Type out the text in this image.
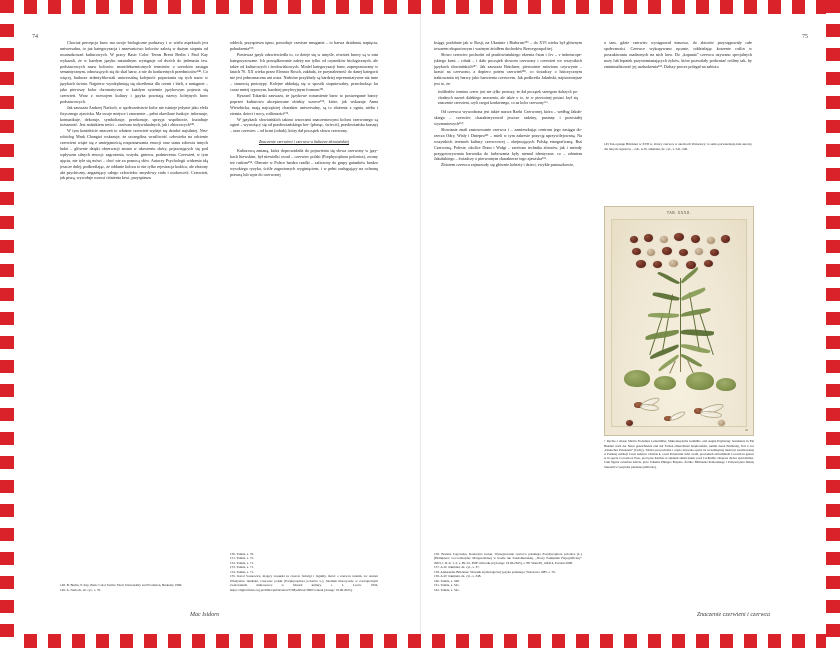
74	75

Chociaż percepcja barw ma swoje biologiczne podstawy i w wielu aspektach jest uniwersalna, to już kategoryzacja i nazewnictwo kolorów zależą w dużym stopniu od uwarunkowań kulturowych. W pracy Basic Color Terms Brent Berlin i Paul Kay wykazali, że w każdym języku naturalnym występuje od dwóch do jedenastu tzw. podstawowych nazw kolorów: monoleksemicznych terminów o szerokim zasięgu semantycznym, odnoszących się do skal barw, a nie do konkretnych przedmiotów¹⁴⁸. Co więcej, badacze zidentyfikowali uniwersalną kolejność pojawiania się tych nazw w językach świata. Najpierw wyodrębniają się określenia dla czerni i bieli, a następnie – jako pierwszy kolor chromatyczny w każdym systemie językowym pojawia się czerwień. Wraz z rozwojem kultury i języka powstają nazwy kolejnych barw podstawowych.

Jak zauważa Andrzej Narloch, w społeczeństwie kolor nie istnieje jedynie jako efekt fizycznego zjawiska. Ma swoje miejsce i znaczenie – pełni określone funkcje: informuje, komunikuje, dekoruje, symbolizuje, przekonuje, sprzyja wspólnocie, kształtuje tożsamość. Jest nośnikiem treści – zarówno indywidualnych, jak i zbiorowych¹⁴⁹.

W tym kontekście znaczeń to właśnie czerwień wydaje się działać najsilniej. Neurobiolog Mark Changizi wskazuje, że szczególna wrażliwość człowieka na odcienie czerwieni wiąże się z umiejętnością rozpoznawania emocji oraz stanu zdrowia innych ludzi – głównie dzięki obserwacji zmian w ukrwieniu skóry, pojawiających się pod wpływem silnych emocji: zagrożenia, wstydu, gniewu, podniecenia. Czerwień, w tym ujęciu, nie tyle się mówi – choć nie za pomocą słów. Autorzy Psychologii widzenia idą jeszcze dalej, podkreślając, że oddanie koloru to nie tylko rejestracja bodźca, ale złożony akt psychiczny, angażujący całego człowieka: zmysłowy ciało i osobowość. Czerwień, jak piszą, wywołuje wzrost ciśnienia krwi, przyspiesza

148. B. Berlin, P. Kay, Basic Color Terms: Their Universality and Evolution, Berkeley 1969.

149. A. Narloch, dz. cyt., s. 70.

oddech, przyspiesza tętno, powoduje czestsze mruganie – to barwa działania, napięcia, pobudzenia¹⁵⁰.

Ponieważ język odzwierciedla to, co dzieje się w umyśle, również barwy są w nim kategoryzowane. Ich porządkowanie zależy nie tylko od czynników biologicznych, ale także od kulturowych i środowiskowych. Model kategoryzacji barw, zaproponowany w latach 70. XX wieku przez Eleanor Rosch, zakłada, że przynależność do danej kategorii nie jest jednoznaczna ani ostra. Niektóre przykłady są bardziej reprezentatywne niż inne – stanowią prototypy. Kolejne układają się w sposób stopniowalny, przechodząc ku coraz mniej typowym, bardziej peryferyjnym formom¹⁵¹.

Ryszard Tokarski zauważa, że językowe rozumienie barw to postrzeganie barwy poprzez kulturowo akceptowane obiekty wzorce¹⁵², które, jak wskazuje Anna Wierzbicka, mają najczęściej charakter uniwersalny, są to złożenia z ognia, nieba i ziemia, dzieci i nocy, roślinności¹⁵³.

W językach słowiańskich takimi wzorcami znaczeniowymi koloru czerwonego są ogień – wywożący się od prasłowiańskiego ker- (płonąc, świecić), prasłowiańska krasnyj – oraz czerwiec – od krmi (robak), który dał początek słowu czerwony.

Znaczenie czerwieni i czerwca w kulturze słowiańskiej

Kulturową zmianą, która doprowadziła do pojawienia się słowa czerwony w językach litewskim, był niewielki owad – czerwiec polski (Porphyrophora polonica), zwany też ruskim¹⁵⁴. Obecnie w Polsce bardzo rzadki – zaliczony do grupy gatunków bardzo wysokiego ryzyka, ściśle zagrożonych wyginięciem, i w pełni zasługujący na ochronę prawną lub wpis do czerwonej

150. Tamże, s. 70.

151. Tamże, s. 72.

152. Tamże, s. 71.

153. Tamże, s. 71.

154. Tamże, s. 71.

155. Karol Sosnowicz, mający stosunki za czasów Jadwigi i Jagiełły, mówi o czerwcu ruskim, za: Antoni Władysław Jakubski, Czerwiec polski (Porphyrophora polonica L.), Studium historyczne w zoologicznym zwalczaniem mikrosewce w historii kultury, t. I, Lwów 1934, https://digital.fides.org.pl/dlibra/publication/5708;edition/3900/content [dostęp: 19.06.2025].

księgi, podobnie jak w Rosji, na Ukrainie i Białorusi¹⁵⁶ – do XVI wieku był głównym towarem eksportowym i ważnym źródłem dochodów Rzeczypospolitej.

Słowo czerwiec pochodzi od prasłowiańskiego rdzenia čъrm i črv – v indoeuropejskiego krmi – robak – i dało początek słowom czerwony i czerwień we wszystkich językach słowiańskich¹⁵⁷. Jak zauważa Brückner, pierwotnie mówiono czyrwynie – krasić na czerwono, a dopiero potem czerwień¹⁵⁸, co świadczy o historycznym traktowaniu tej barwy jako barwienia czerwcem. Jak podkreśla Jakubski, najistotniejsze jest to, że:

źródłosłów terminu czerw jest nie tylko prostszy, że dał początek szeregom dalszych pochodnych nazwń dalekiego znaczenia, ale także o to, że w pierwotnej postaci krył się znaczenie czerwieni, czyli czegoś konkretnego, co na kolor czerwony¹⁵⁹.

Od czerwca wywodzona jest także nazwa Rzeki Czerwonej, która – według Jakubskiego – czerwiec charakteryzował jeszcze radziny, pusinny i pozostałej wyznaniowych¹⁶⁰.

Słowianie znali zastosowanie czerwca i – zamieszkując centrum jego zasięgu dorzecza Odry, Wisły i Dniepru¹⁶¹ – mieli w tym zakresie pozycję uprzywilejowaną. Na wszystkich terenach kultury czerwcowej – obejmujących Polskę etnograficzną, Ruś Czerwoną, Polesie, okolice Donu i Wołgi – zarówno technika zbiorów, jak i metody przygotowywania barwnika do farbowania były niemal identyczne, co – zdaniem Jakubskiego – świadczy o pierwotnym charakterze tego zjawiska¹⁶².

Zbiorem czerwca zajmowały się głównie kobiety i dzieci, zwykle pastuszkowie,

156. Bożena Łagowska, Katarzyna Golan, Występowanie czerwca polskiego Porphyrophora polonica (L.) (Hemiptera: Coccomorpha: Margarodidae) w Kodle nie Sandomierskiej, „Nowy Pamiętnik Fizjograficzny” 2003, t. II, nr 1–2, s. 89–91, PDF: min.edu.pl [dostęp: 19.06.2025], s. 88. Wans38_126414, Poznań 2008.

157. A.W. Jakubski, dz. cyt., s. 37.

158. Aleksander Brückner, Słownik etymologiczny języka polskiego, Warszawa 1985, s. 76.

159. A.W. Jakubski, dz. cyt., s. 348.

160. Tamże, s. 348.

161. Tamże, s. 541.

162. Tamże, s. 541.

a tam, gdzie czerwiec występował masowo, do zbiorów przystępowały całe społeczności. Czerwce wykopywano ręcznie, oddzielając korzenie roślin w poszukiwaniu osadzonych na nich larw. Do „kopania” czerwca używano specjalnych noży lub łopatek przystomianających żyków, które pozwalały podważać rośliny tak, by zminimalizować jej uszkodzenia¹⁶³. Dalszy proces polegał na zabiciu

145 Tak opisuje Brückner w XVII w. zbiory czerwca w okolicach Warszawy; to samo potwierdzają inni autorzy dla innych regionów – zob. A.W. Jakubski, dz. cyt., s. 541–546.
TAB. XXXII.
32
↑ Rycina z atlasu: Martin Frobenius Ledermüller, Mikroskopische Gemüths- und Augen-Ergötzung: bestehend, in Ein Hundert nach der Natur gezeichneten und mit Farben ohtuschirten Kupfertafeln, sammt deren Erklärung, Teil 4 oce „Deutsches Pokoleum” (Tychy), Tablica jest podobna i często używana oparta na wcześniejszej ilustracji zrealizowanej w Polskiej redakcji Czasi nadzoru i lindzie k, owad Polonicum rubri ovalil, prowadzeń zalicznikiem Coccum in genere et in specie Coccum ex Esse, prod prae Karmes et alienum americanum, pred Cochinille i Raports dicbor spectantibus. Cum figuris coloribus nativis. picto Johanne Philippo Breynio. Źródło: Biblioteka Pomorskiego i Uniwersytetu Dolnej Saksonii w Getyndze (domena publiczna).
Mac Isidoro	Znaczenie czerwieni i czerwca
